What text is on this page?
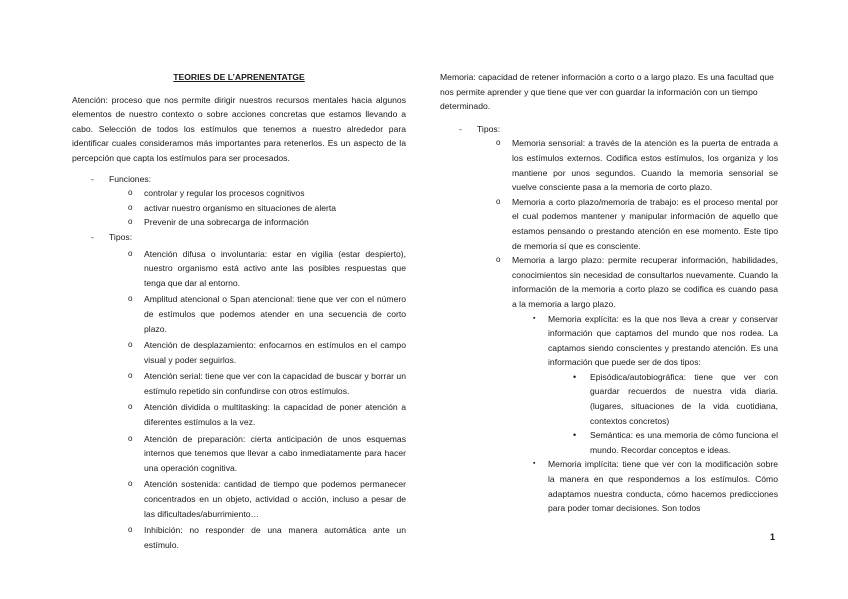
TEORIES DE L’APRENENTATGE

Atención: proceso que nos permite dirigir nuestros recursos mentales hacia algunos elementos de nuestro contexto o sobre acciones concretas que estamos llevando a cabo. Selección de todos los estímulos que tenemos a nuestro alrededor para identificar cuales consideramos más importantes para retenerlos. Es un aspecto de la percepción que capta los estímulos para ser procesados.

- Funciones:
o controlar y regular los procesos cognitivos
o activar nuestro organismo en situaciones de alerta
o Prevenir de una sobrecarga de información
- Tipos:
o Atención difusa o involuntaria: estar en vigilia (estar despierto), nuestro organismo está activo ante las posibles respuestas que tenga que dar al entorno.
o Amplitud atencional o Span atencional: tiene que ver con el número de estímulos que podemos atender en una secuencia de corto plazo.
o Atención de desplazamiento: enfocarnos en estímulos en el campo visual y poder seguirlos.
o Atención serial: tiene que ver con la capacidad de buscar y borrar un estímulo repetido sin confundirse con otros estímulos.
o Atención dividida o multitasking: la capacidad de poner atención a diferentes estímulos a la vez.
o Atención de preparación: cierta anticipación de unos esquemas internos que tenemos que llevar a cabo inmediatamente para hacer una operación cognitiva.
o Atención sostenida: cantidad de tiempo que podemos permanecer concentrados en un objeto, actividad o acción, incluso a pesar de las dificultades/aburrimiento…
o Inhibición: no responder de una manera automática ante un estímulo.

Memoria: capacidad de retener información a corto o a largo plazo. Es una facultad que nos permite aprender y que tiene que ver con guardar la información con un tiempo determinado.

- Tipos:
o Memoria sensorial: a través de la atención es la puerta de entrada a los estímulos externos. Codifica estos estímulos, los organiza y los mantiene por unos segundos. Cuando la memoria sensorial se vuelve consciente pasa a la memoria de corto plazo.
o Memoria a corto plazo/memoria de trabajo: es el proceso mental por el cual podemos mantener y manipular información de aquello que estamos pensando o prestando atención en ese momento. Este tipo de memoria sí que es consciente.
o Memoria a largo plazo: permite recuperar información, habilidades, conocimientos sin necesidad de consultarlos nuevamente. Cuando la información de la memoria a corto plazo se codifica es cuando pasa a la memoria a largo plazo.
▪ Memoria explícita: es la que nos lleva a crear y conservar información que captamos del mundo que nos rodea. La captamos siendo conscientes y prestando atención. Es una información que puede ser de dos tipos:
• Episódica/autobiográfica: tiene que ver con guardar recuerdos de nuestra vida diaria. (lugares, situaciones de la vida cuotidiana, contextos concretos)
• Semántica: es una memoria de cómo funciona el mundo. Recordar conceptos e ideas.
▪ Memoria implícita: tiene que ver con la modificación sobre la manera en que respondemos a los estímulos. Cómo adaptamos nuestra conducta, cómo hacemos predicciones para poder tomar decisiones. Son todos
1
